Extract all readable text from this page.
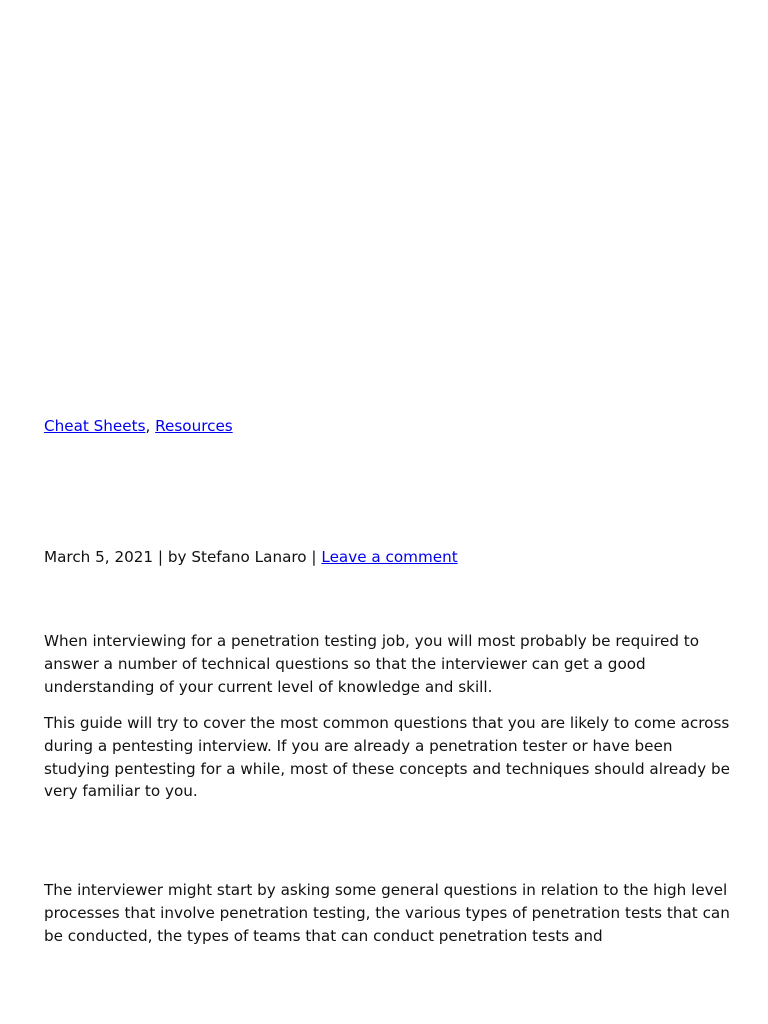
Cheat Sheets, Resources
March 5, 2021 | by Stefano Lanaro | Leave a comment

When interviewing for a penetration testing job, you will most probably be required to answer a number of technical questions so that the interviewer can get a good understanding of your current level of knowledge and skill.

This guide will try to cover the most common questions that you are likely to come across during a pentesting interview. If you are already a penetration tester or have been studying pentesting for a while, most of these concepts and techniques should already be very familiar to you.

The interviewer might start by asking some general questions in relation to the high level processes that involve penetration testing, the various types of penetration tests that can be conducted, the types of teams that can conduct penetration tests and
